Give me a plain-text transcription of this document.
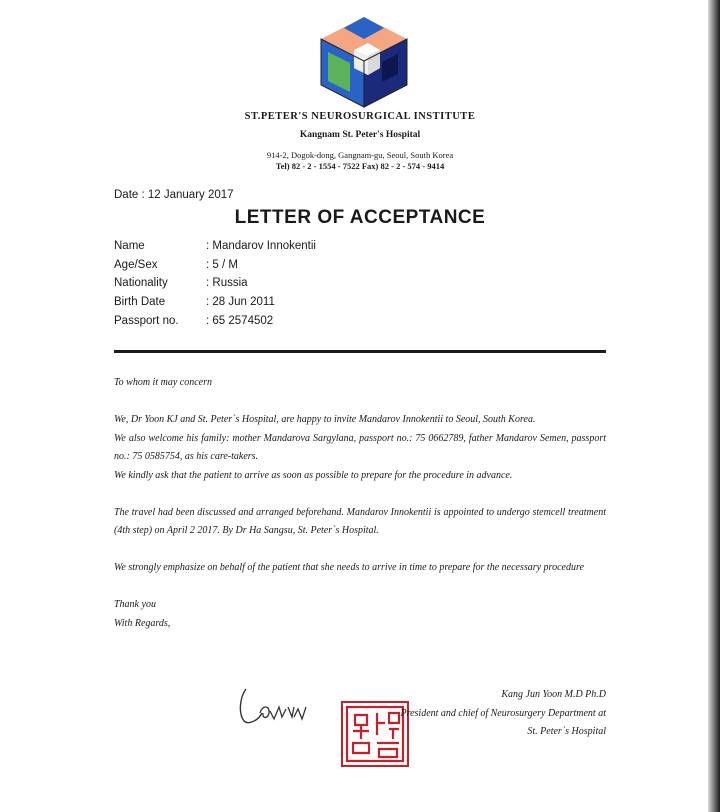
ST.PETER'S NEUROSURGICAL INSTITUTE
Kangnam St. Peter's Hospital
914-2, Dogok-dong, Gangnam-gu, Seoul, South Korea
Tel) 82 - 2 - 1554 - 7522 Fax) 82 - 2 - 574 - 9414
Date : 12 January 2017
LETTER OF ACCEPTANCE
Name	: Mandarov Innokentii
Age/Sex	: 5 / M
Nationality	: Russia
Birth Date	: 28 Jun 2011
Passport no. : 65 2574502

To whom it may concern

We, Dr Yoon KJ and St. Peter`s Hospital, are happy to invite Mandarov Innokentii to Seoul, South Korea.

We also welcome his family: mother Mandarova Sargylana, passport no.: 75 0662789, father Mandarov Semen, passport no.: 75 0585754, as his care-takers.

We kindly ask that the patient to arrive as soon as possible to prepare for the procedure in advance.

The travel had been discussed and arranged beforehand. Mandarov Innokentii is appointed to undergo stemcell treatment (4th step) on April 2 2017. By Dr Ha Sangsu, St. Peter`s Hospital.

We strongly emphasize on behalf of the patient that she needs to arrive in time to prepare for the necessary procedure

Thank you

With Regards,

Kang Jun Yoon M.D Ph.D
President and chief of Neurosurgery Department at
St. Peter`s Hospital
